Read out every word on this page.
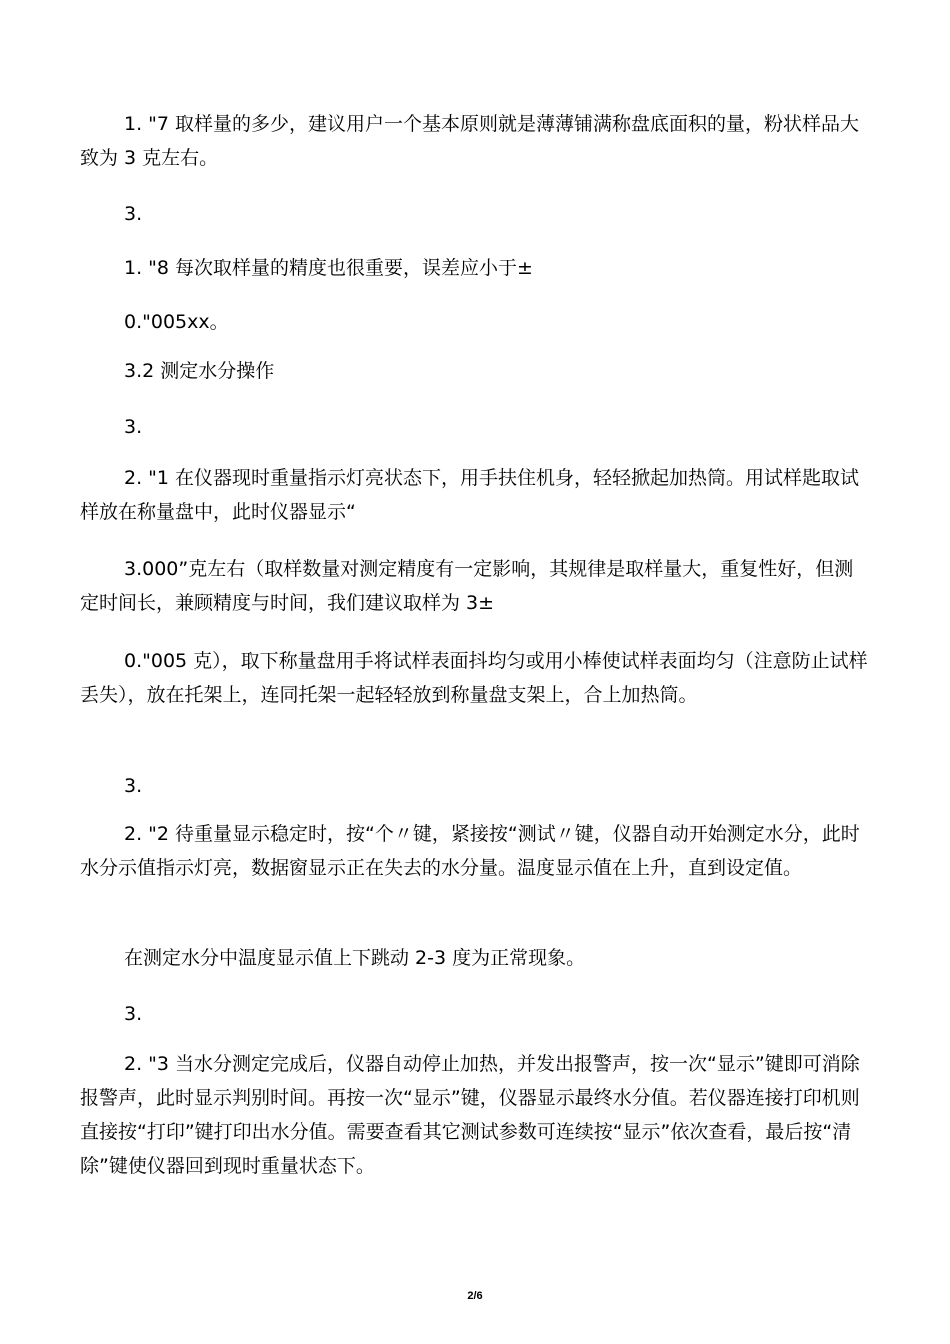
1. "7 取样量的多少，建议用户一个基本原则就是薄薄铺满称盘底面积的量，粉状样品大致为 3 克左右。

3.

1. "8 每次取样量的精度也很重要，误差应小于±

0."005xx。

3.2 测定水分操作

3.

2. "1 在仪器现时重量指示灯亮状态下，用手扶住机身，轻轻掀起加热筒。用试样匙取试样放在称量盘中，此时仪器显示“

3.000”克左右（取样数量对测定精度有一定影响，其规律是取样量大，重复性好，但测定时间长，兼顾精度与时间，我们建议取样为 3±

0."005 克），取下称量盘用手将试样表面抖均匀或用小棒使试样表面均匀（注意防止试样丢失），放在托架上，连同托架一起轻轻放到称量盘支架上，合上加热筒。

3.

2. "2 待重量显示稳定时，按“个〃键，紧接按“测试〃键，仪器自动开始测定水分，此时水分示值指示灯亮，数据窗显示正在失去的水分量。温度显示值在上升，直到设定值。

在测定水分中温度显示值上下跳动 2-3 度为正常现象。

3.

2. "3 当水分测定完成后，仪器自动停止加热，并发出报警声，按一次“显示”键即可消除报警声，此时显示判别时间。再按一次“显示”键，仪器显示最终水分值。若仪器连接打印机则直接按“打印”键打印出水分值。需要查看其它测试参数可连续按“显示”依次查看，最后按“清除”键使仪器回到现时重量状态下。

2/6
